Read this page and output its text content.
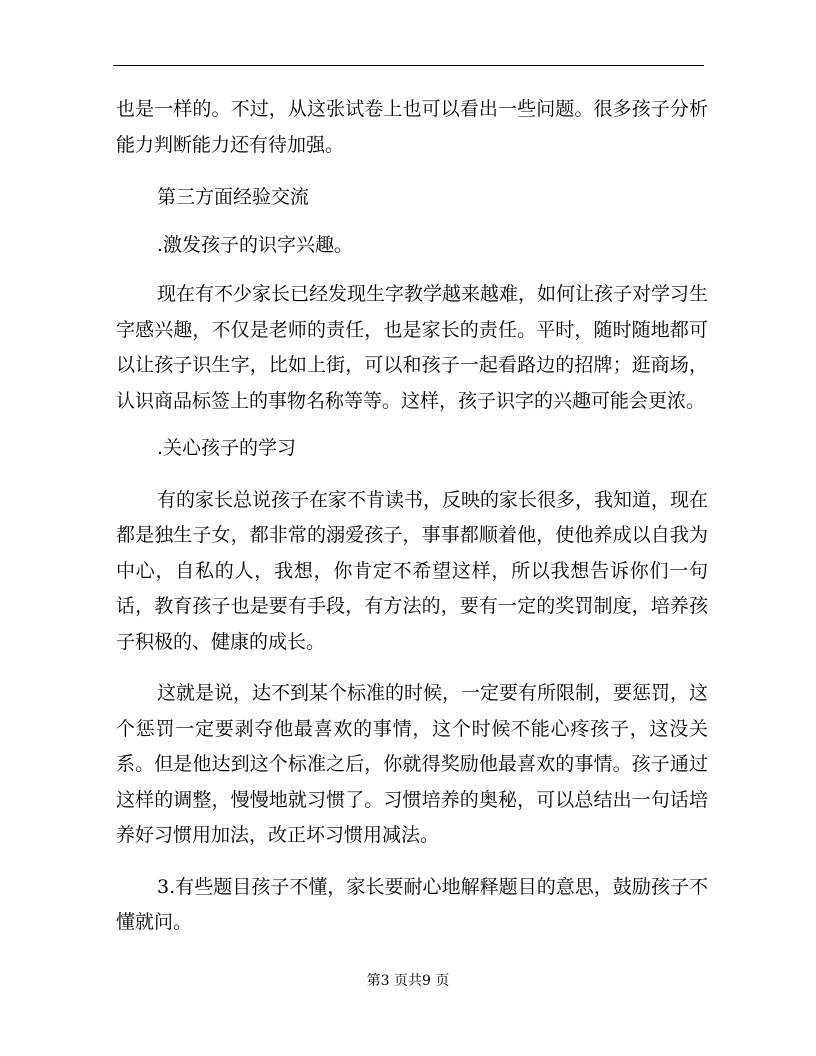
也是一样的。不过，从这张试卷上也可以看出一些问题。很多孩子分析能力判断能力还有待加强。

第三方面经验交流

.激发孩子的识字兴趣。

现在有不少家长已经发现生字教学越来越难，如何让孩子对学习生字感兴趣，不仅是老师的责任，也是家长的责任。平时，随时随地都可以让孩子识生字，比如上街，可以和孩子一起看路边的招牌；逛商场，认识商品标签上的事物名称等等。这样，孩子识字的兴趣可能会更浓。

.关心孩子的学习

有的家长总说孩子在家不肯读书，反映的家长很多，我知道，现在都是独生子女，都非常的溺爱孩子，事事都顺着他，使他养成以自我为中心，自私的人，我想，你肯定不希望这样，所以我想告诉你们一句话，教育孩子也是要有手段，有方法的，要有一定的奖罚制度，培养孩子积极的、健康的成长。

这就是说，达不到某个标准的时候，一定要有所限制，要惩罚，这个惩罚一定要剥夺他最喜欢的事情，这个时候不能心疼孩子，这没关系。但是他达到这个标准之后，你就得奖励他最喜欢的事情。孩子通过这样的调整，慢慢地就习惯了。习惯培养的奥秘，可以总结出一句话培养好习惯用加法，改正坏习惯用减法。

3.有些题目孩子不懂，家长要耐心地解释题目的意思，鼓励孩子不懂就问。

第3 页共9 页
